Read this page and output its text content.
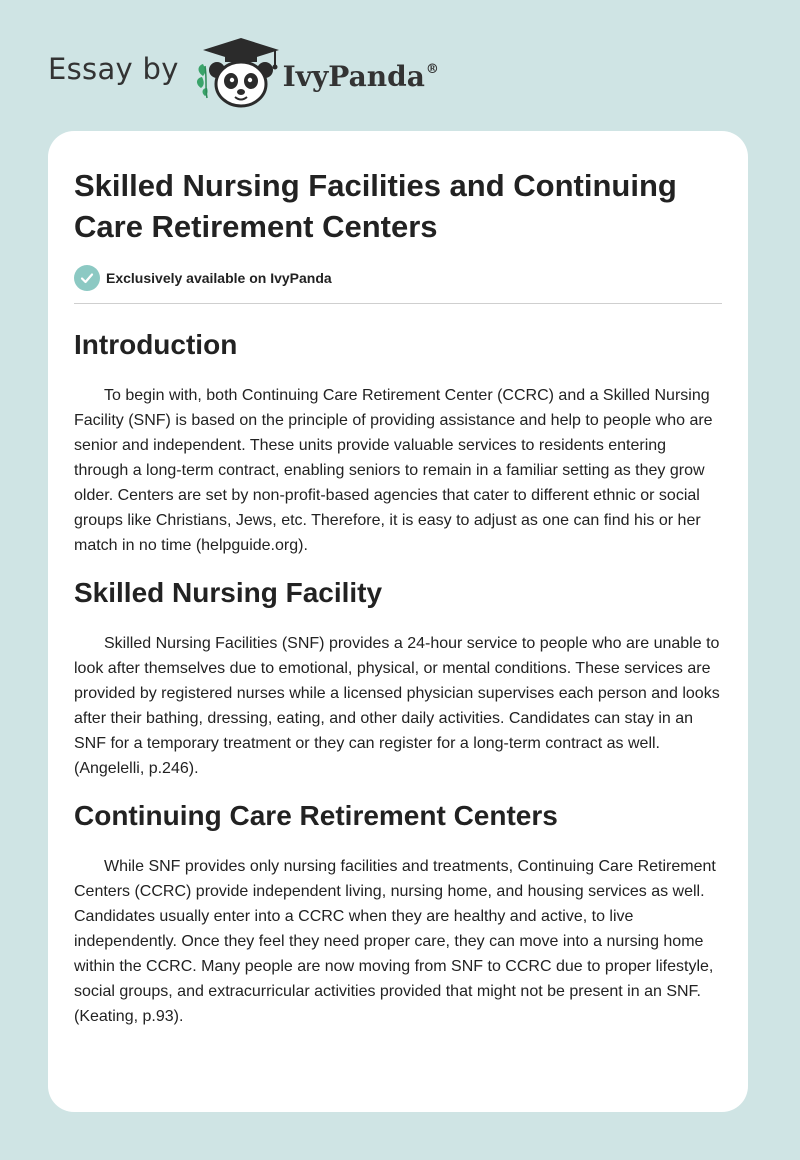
Essay by	IvyPanda®
Skilled Nursing Facilities and Continuing Care Retirement Centers
Exclusively available on IvyPanda
Introduction

To begin with, both Continuing Care Retirement Center (CCRC) and a Skilled Nursing Facility (SNF) is based on the principle of providing assistance and help to people who are senior and independent. These units provide valuable services to residents entering through a long-term contract, enabling seniors to remain in a familiar setting as they grow older. Centers are set by non-profit-based agencies that cater to different ethnic or social groups like Christians, Jews, etc. Therefore, it is easy to adjust as one can find his or her match in no time (helpguide.org).

Skilled Nursing Facility

Skilled Nursing Facilities (SNF) provides a 24-hour service to people who are unable to look after themselves due to emotional, physical, or mental conditions. These services are provided by registered nurses while a licensed physician supervises each person and looks after their bathing, dressing, eating, and other daily activities. Candidates can stay in an SNF for a temporary treatment or they can register for a long-term contract as well. (Angelelli, p.246).

Continuing Care Retirement Centers

While SNF provides only nursing facilities and treatments, Continuing Care Retirement Centers (CCRC) provide independent living, nursing home, and housing services as well. Candidates usually enter into a CCRC when they are healthy and active, to live independently. Once they feel they need proper care, they can move into a nursing home within the CCRC. Many people are now moving from SNF to CCRC due to proper lifestyle, social groups, and extracurricular activities provided that might not be present in an SNF. (Keating, p.93).
